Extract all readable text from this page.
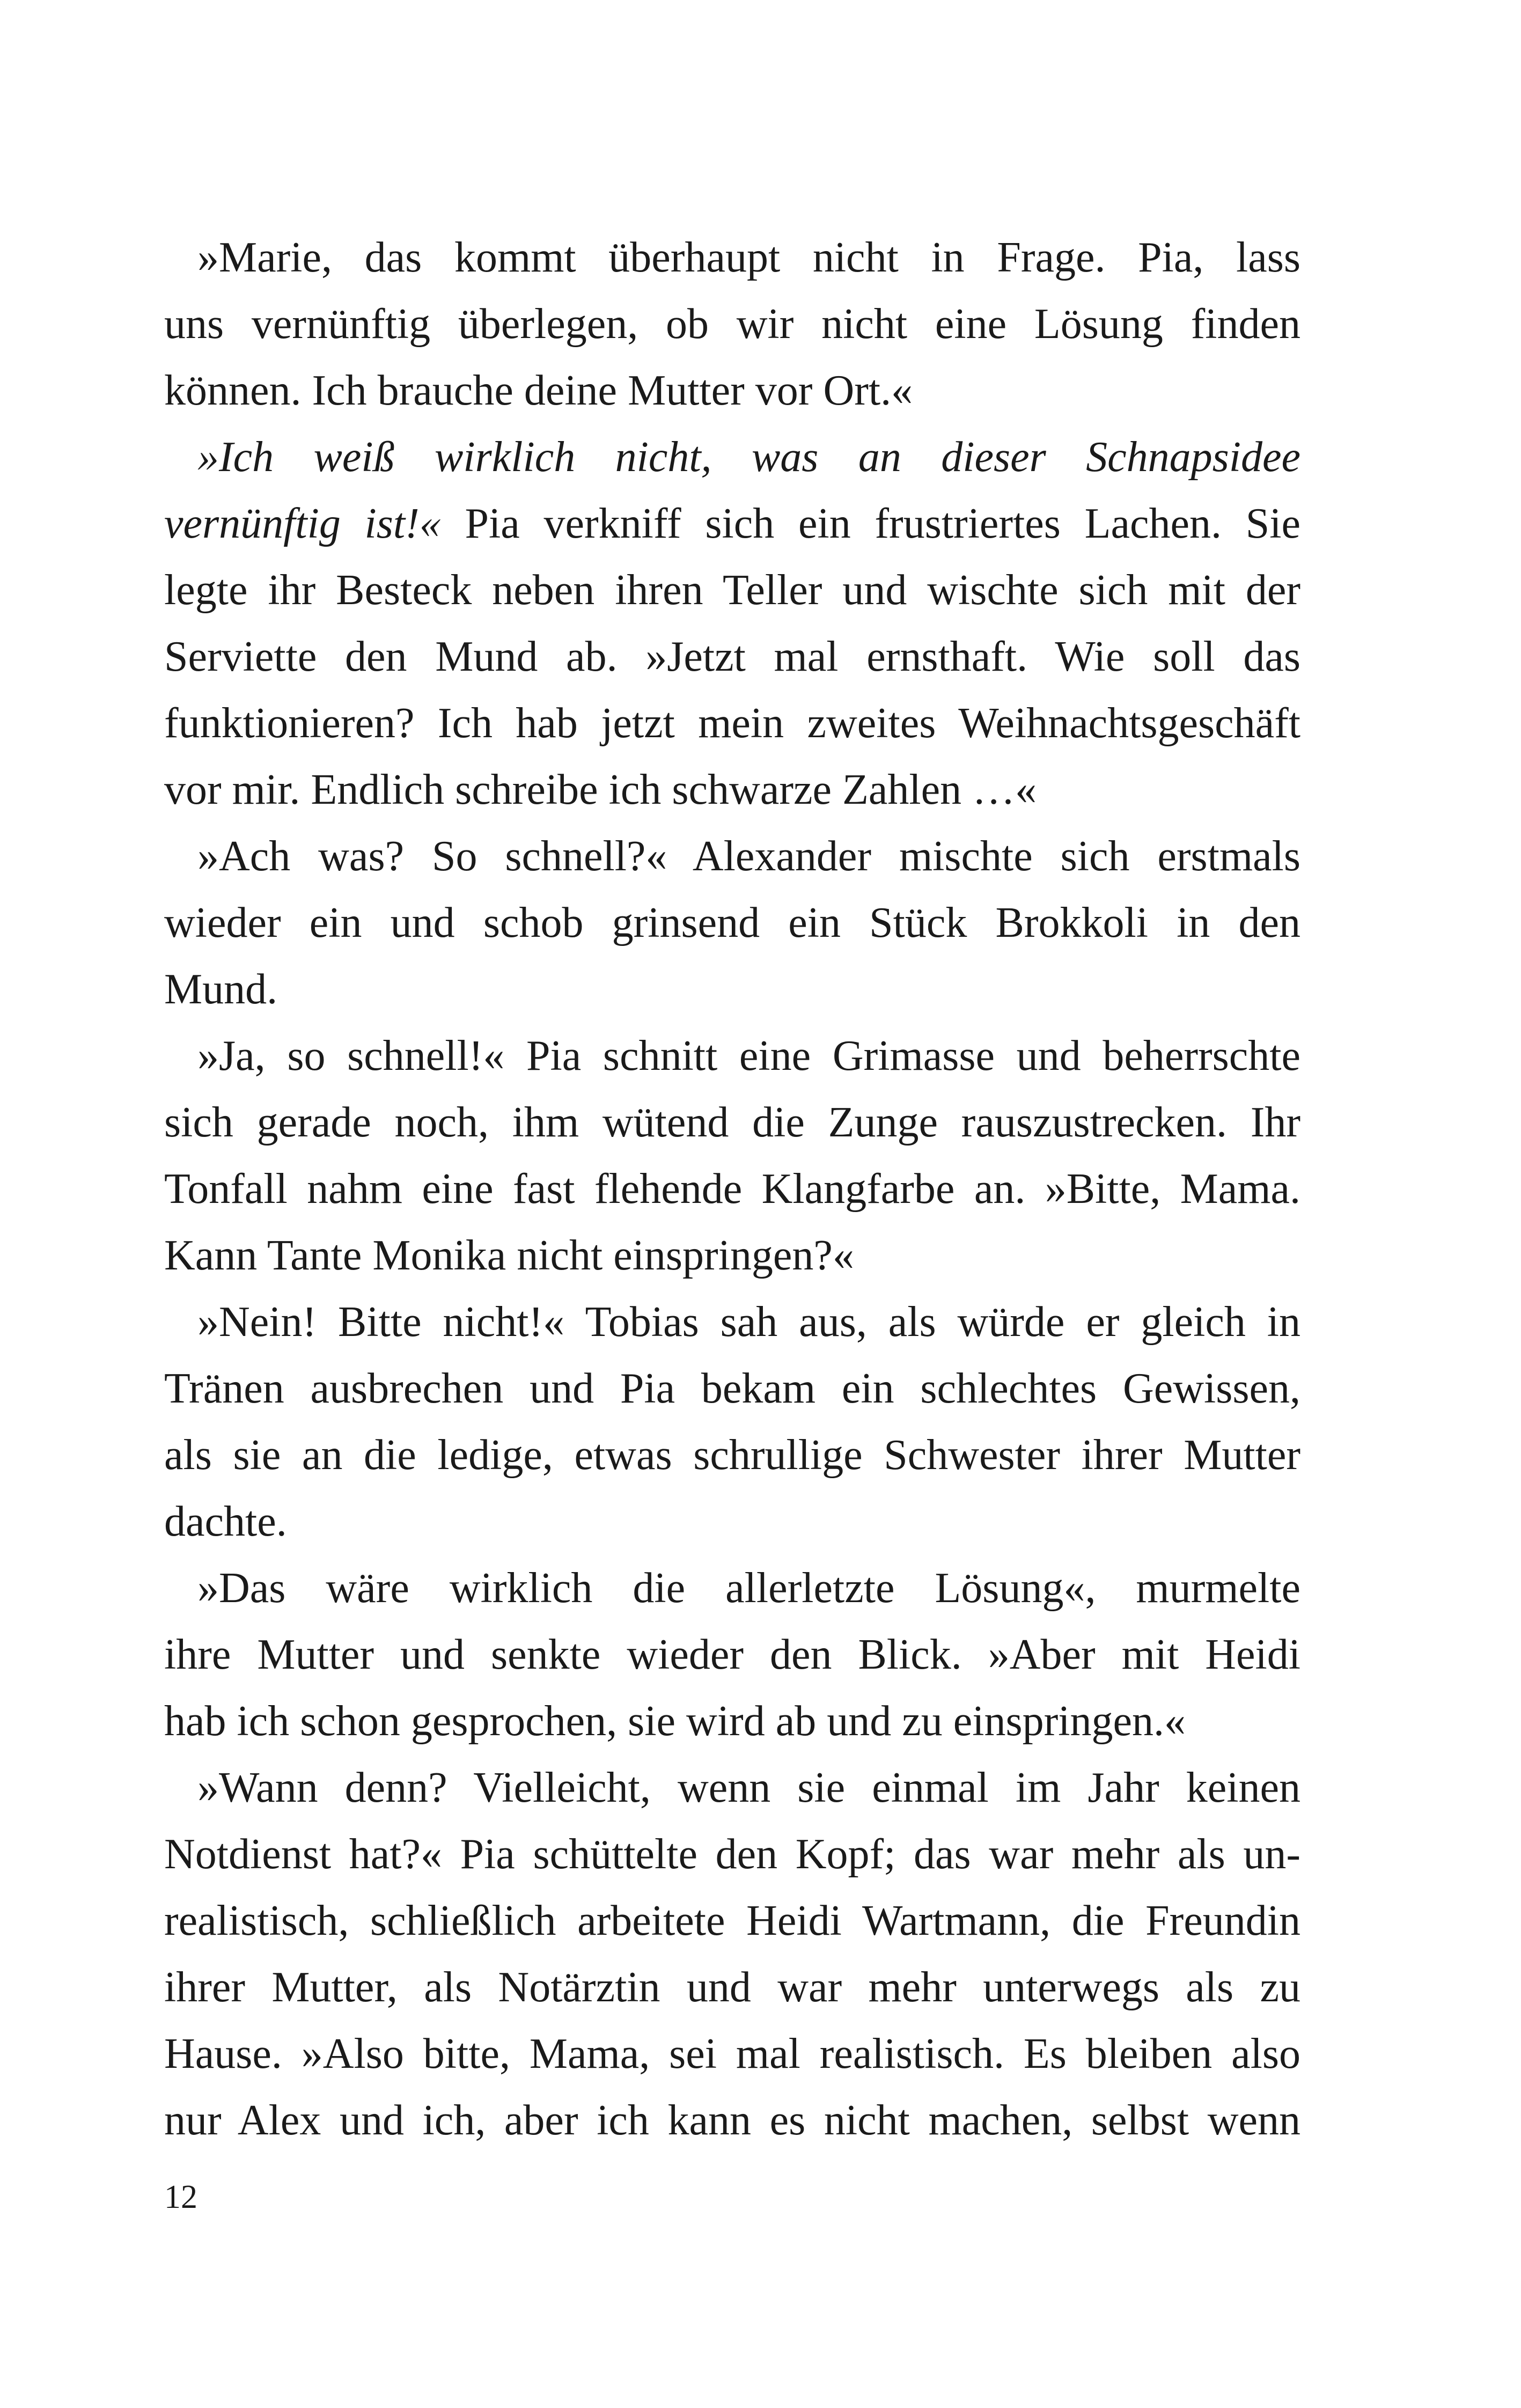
»Marie, das kommt überhaupt nicht in Frage. Pia, lass
uns vernünftig überlegen, ob wir nicht eine Lösung finden
können. Ich brauche deine Mutter vor Ort.«
»Ich weiß wirklich nicht, was an dieser Schnapsidee
vernünftig ist!« Pia verkniff sich ein frustriertes Lachen. Sie
legte ihr Besteck neben ihren Teller und wischte sich mit der
Serviette den Mund ab. »Jetzt mal ernsthaft. Wie soll das
funktionieren? Ich hab jetzt mein zweites Weihnachtsgeschäft
vor mir. Endlich schreibe ich schwarze Zahlen …«
»Ach was? So schnell?« Alexander mischte sich erstmals
wieder ein und schob grinsend ein Stück Brokkoli in den
Mund.
»Ja, so schnell!« Pia schnitt eine Grimasse und beherrschte
sich gerade noch, ihm wütend die Zunge rauszustrecken. Ihr
Tonfall nahm eine fast flehende Klangfarbe an. »Bitte, Mama.
Kann Tante Monika nicht einspringen?«
»Nein! Bitte nicht!« Tobias sah aus, als würde er gleich in
Tränen ausbrechen und Pia bekam ein schlechtes Gewissen,
als sie an die ledige, etwas schrullige Schwester ihrer Mutter
dachte.
»Das wäre wirklich die allerletzte Lösung«, murmelte
ihre Mutter und senkte wieder den Blick. »Aber mit Heidi
hab ich schon gesprochen, sie wird ab und zu einspringen.«
»Wann denn? Vielleicht, wenn sie einmal im Jahr keinen
Notdienst hat?« Pia schüttelte den Kopf; das war mehr als un-
realistisch, schließlich arbeitete Heidi Wartmann, die Freundin
ihrer Mutter, als Notärztin und war mehr unterwegs als zu
Hause. »Also bitte, Mama, sei mal realistisch. Es bleiben also
nur Alex und ich, aber ich kann es nicht machen, selbst wenn
12
